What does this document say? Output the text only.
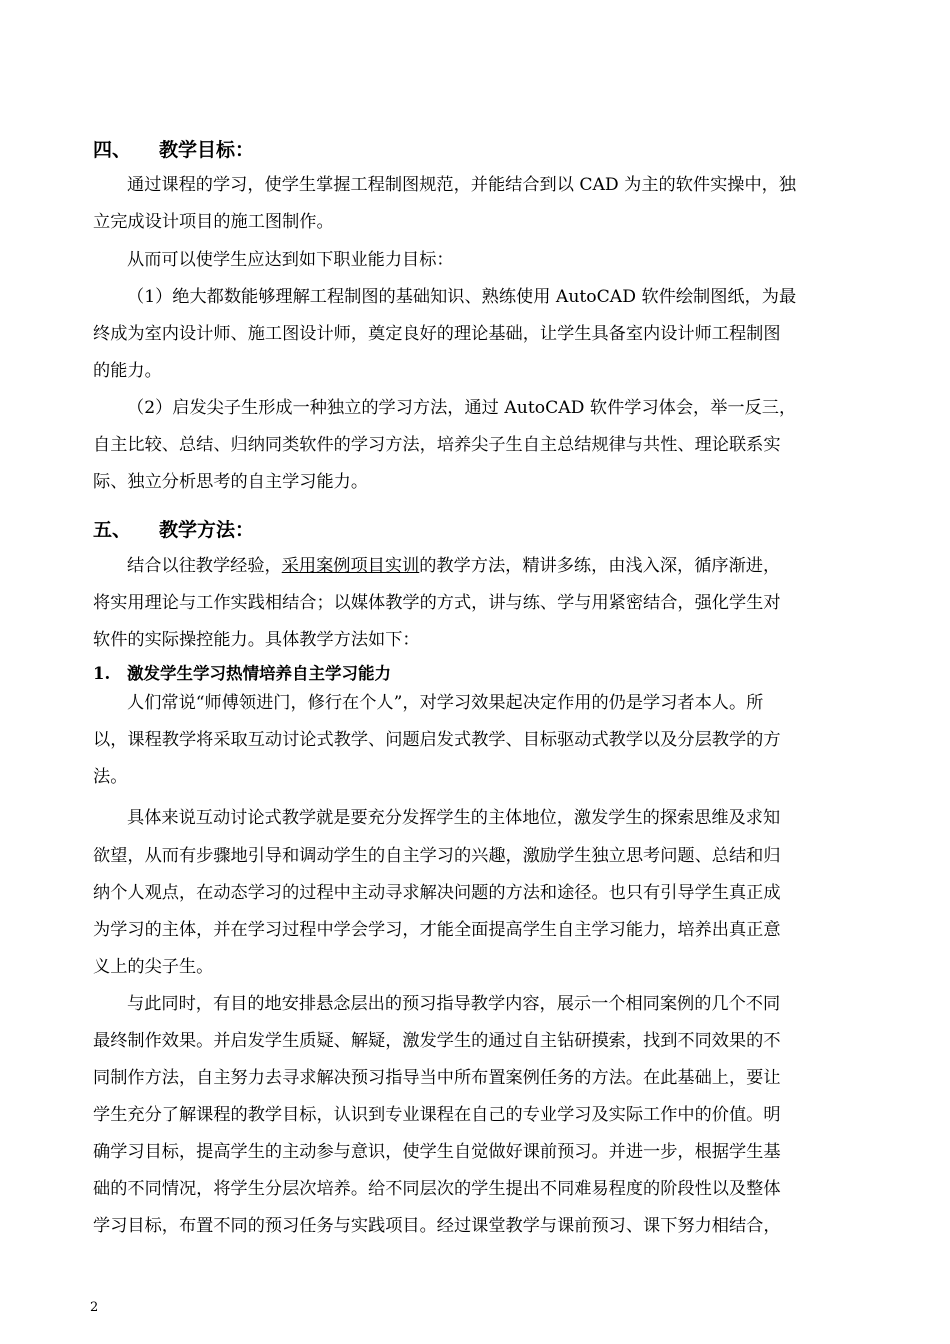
四、 教学目标：
通过课程的学习，使学生掌握工程制图规范，并能结合到以 CAD 为主的软件实操中，独
立完成设计项目的施工图制作。
从而可以使学生应达到如下职业能力目标：
（1）绝大都数能够理解工程制图的基础知识、熟练使用 AutoCAD 软件绘制图纸，为最
终成为室内设计师、施工图设计师，奠定良好的理论基础，让学生具备室内设计师工程制图
的能力。
（2）启发尖子生形成一种独立的学习方法，通过 AutoCAD 软件学习体会，举一反三，
自主比较、总结、归纳同类软件的学习方法，培养尖子生自主总结规律与共性、理论联系实
际、独立分析思考的自主学习能力。
五、 教学方法：
结合以往教学经验，采用案例项目实训的教学方法，精讲多练，由浅入深，循序渐进，
将实用理论与工作实践相结合；以媒体教学的方式，讲与练、学与用紧密结合，强化学生对
软件的实际操控能力。具体教学方法如下：
1. 激发学生学习热情培养自主学习能力
人们常说“师傅领进门，修行在个人”，对学习效果起决定作用的仍是学习者本人。所
以，课程教学将采取互动讨论式教学、问题启发式教学、目标驱动式教学以及分层教学的方
法。
具体来说互动讨论式教学就是要充分发挥学生的主体地位，激发学生的探索思维及求知
欲望，从而有步骤地引导和调动学生的自主学习的兴趣，激励学生独立思考问题、总结和归
纳个人观点，在动态学习的过程中主动寻求解决问题的方法和途径。也只有引导学生真正成
为学习的主体，并在学习过程中学会学习，才能全面提高学生自主学习能力，培养出真正意
义上的尖子生。
与此同时，有目的地安排悬念层出的预习指导教学内容，展示一个相同案例的几个不同
最终制作效果。并启发学生质疑、解疑，激发学生的通过自主钻研摸索，找到不同效果的不
同制作方法，自主努力去寻求解决预习指导当中所布置案例任务的方法。在此基础上，要让
学生充分了解课程的教学目标，认识到专业课程在自己的专业学习及实际工作中的价值。明
确学习目标，提高学生的主动参与意识，使学生自觉做好课前预习。并进一步，根据学生基
础的不同情况，将学生分层次培养。给不同层次的学生提出不同难易程度的阶段性以及整体
学习目标，布置不同的预习任务与实践项目。经过课堂教学与课前预习、课下努力相结合，
2
